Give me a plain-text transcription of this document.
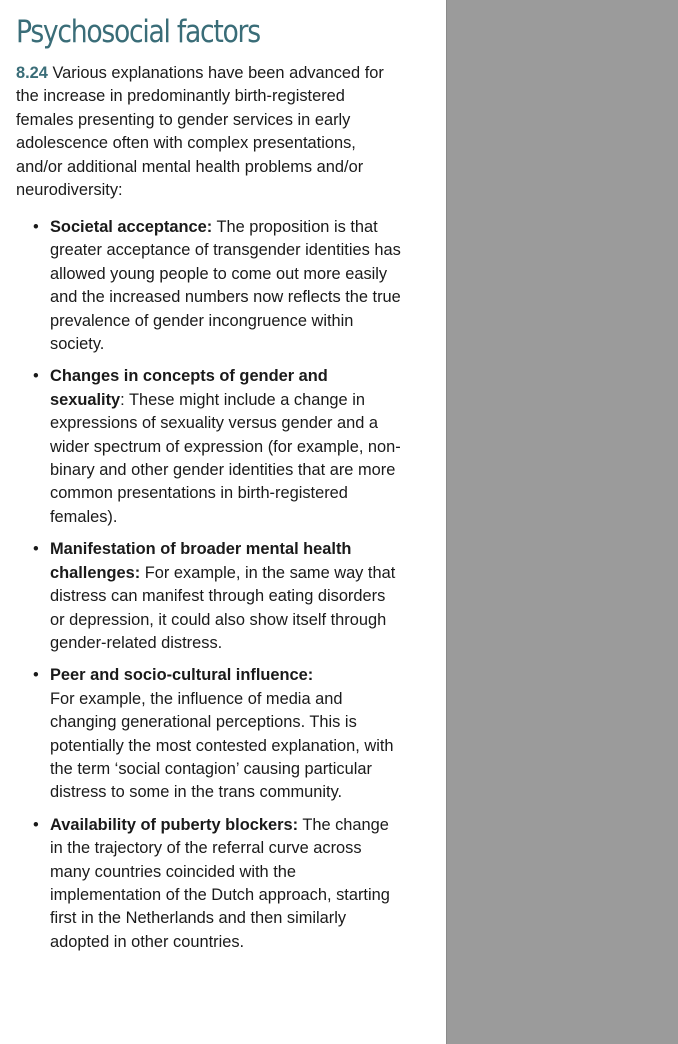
Psychosocial factors

8.24 Various explanations have been advanced for the increase in predominantly birth-registered females presenting to gender services in early adolescence often with complex presentations, and/or additional mental health problems and/or neurodiversity:

• Societal acceptance: The proposition is that greater acceptance of transgender identities has allowed young people to come out more easily and the increased numbers now reflects the true prevalence of gender incongruence within society.
• Changes in concepts of gender and sexuality: These might include a change in expressions of sexuality versus gender and a wider spectrum of expression (for example, non-binary and other gender identities that are more common presentations in birth-registered females).
• Manifestation of broader mental health challenges: For example, in the same way that distress can manifest through eating disorders or depression, it could also show itself through gender-related distress.
• Peer and socio-cultural influence:
For example, the influence of media and changing generational perceptions. This is potentially the most contested explanation, with the term ‘social contagion’ causing particular distress to some in the trans community.
• Availability of puberty blockers: The change in the trajectory of the referral curve across many countries coincided with the implementation of the Dutch approach, starting first in the Netherlands and then similarly adopted in other countries.
